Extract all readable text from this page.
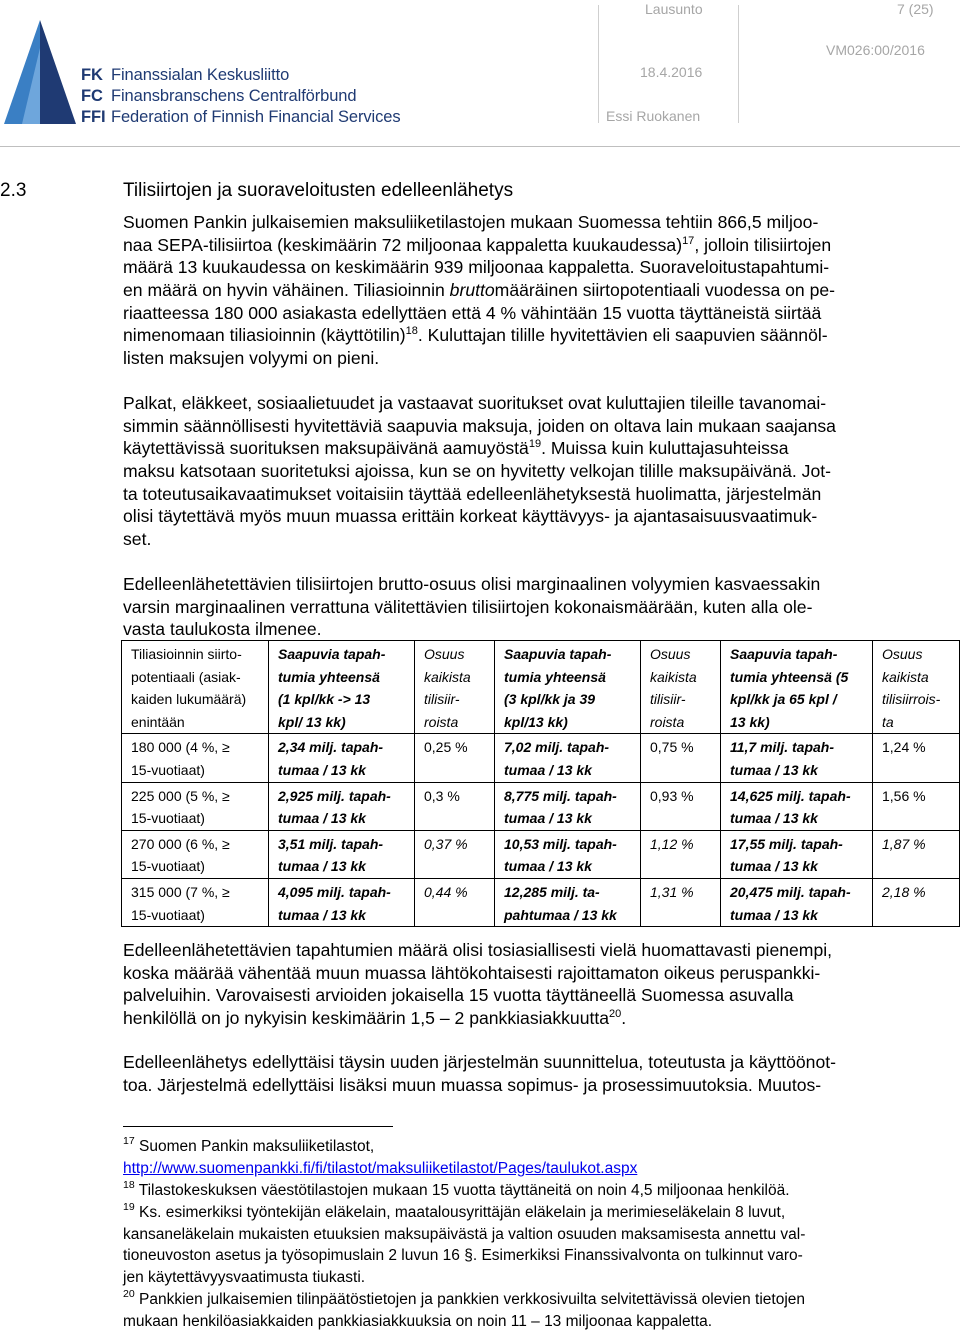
FK Finanssialan Keskusliitto
FC Finansbranschens Centralförbund
FFI Federation of Finnish Financial Services
Lausunto	7 (25)
18.4.2016
VM026:00/2016
Essi Ruokanen
2.3	Tilisiirtojen ja suoraveloitusten edelleenlähetys
Suomen Pankin julkaisemien maksuliiketilastojen mukaan Suomessa tehtiin 866,5 miljoo-
naa SEPA-tilisiirtoa (keskimäärin 72 miljoonaa kappaletta kuukaudessa)$^{17}$, jolloin tilisiirtojen
määrä 13 kuukaudessa on keskimäärin 939 miljoonaa kappaletta. Suoraveloitustapahtumi-
en määrä on hyvin vähäinen. Tiliasioinnin bruttomääräinen siirtopotentiaali vuodessa on pe-
riaatteessa 180 000 asiakasta edellyttäen että 4 % vähintään 15 vuotta täyttäneistä siirtää
nimenomaan tiliasioinnin (käyttötilin)$^{18}$. Kuluttajan tilille hyvitettävien eli saapuvien säännöl-
listen maksujen volyymi on pieni.
Palkat, eläkkeet, sosiaalietuudet ja vastaavat suoritukset ovat kuluttajien tileille tavanomai-
simmin säännöllisesti hyvitettäviä saapuvia maksuja, joiden on oltava lain mukaan saajansa
käytettävissä suorituksen maksupäivänä aamuyöstä$^{19}$. Muissa kuin kuluttajasuhteissa
maksu katsotaan suoritetuksi ajoissa, kun se on hyvitetty velkojan tilille maksupäivänä. Jot-
ta toteutusaikavaatimukset voitaisiin täyttää edelleenlähetyksestä huolimatta, järjestelmän
olisi täytettävä myös muun muassa erittäin korkeat käyttävyys- ja ajantasaisuusvaatimuk-
set.
Edelleenlähetettävien tilisiirtojen brutto-osuus olisi marginaalinen volyymien kasvaessakin
varsin marginaalinen verrattuna välitettävien tilisiirtojen kokonaismäärään, kuten alla ole-
vasta taulukosta ilmenee.
Tiliasioinnin siirto-
potentiaali (asiak-
kaiden lukumäärä)
enintään	Saapuvia tapah-
tumia yhteensä
(1 kpl/kk -> 13
kpl/ 13 kk)	Osuus
kaikista
tilisiir-
roista	Saapuvia tapah-
tumia yhteensä
(3 kpl/kk ja 39
kpl/13 kk)	Osuus
kaikista
tilisiir-
roista	Saapuvia tapah-
tumia yhteensä (5
kpl/kk ja 65 kpl /
13 kk)	Osuus
kaikista
tilisiirrois-
ta

180 000 (4 %, ≥
15-vuotiaat)	2,34 milj. tapah-
tumaa / 13 kk	0,25 %	7,02 milj. tapah-
tumaa / 13 kk	0,75 %	11,7 milj. tapah-
tumaa / 13 kk	1,24 %

225 000 (5 %, ≥
15-vuotiaat)	2,925 milj. tapah-
tumaa / 13 kk	0,3 %	8,775 milj. tapah-
tumaa / 13 kk	0,93 %	14,625 milj. tapah-
tumaa / 13 kk	1,56 %

270 000 (6 %, ≥
15-vuotiaat)	3,51 milj. tapah-
tumaa / 13 kk	0,37 %	10,53 milj. tapah-
tumaa / 13 kk	1,12 %	17,55 milj. tapah-
tumaa / 13 kk	1,87 %

315 000 (7 %, ≥
15-vuotiaat)	4,095 milj. tapah-
tumaa / 13 kk	0,44 %	12,285 milj. ta-
pahtumaa / 13 kk	1,31 %	20,475 milj. tapah-
tumaa / 13 kk	2,18 %
Edelleenlähetettävien tapahtumien määrä olisi tosiasiallisesti vielä huomattavasti pienempi,
koska määrää vähentää muun muassa lähtökohtaisesti rajoittamaton oikeus peruspankki-
palveluihin. Varovaisesti arvioiden jokaisella 15 vuotta täyttäneellä Suomessa asuvalla
henkilöllä on jo nykyisin keskimäärin 1,5 – 2 pankkiasiakkuutta$^{20}$.
Edelleenlähetys edellyttäisi täysin uuden järjestelmän suunnittelua, toteutusta ja käyttöönot-
toa. Järjestelmä edellyttäisi lisäksi muun muassa sopimus- ja prosessimuutoksia. Muutos-
$^{17}$ Suomen Pankin maksuliiketilastot,
http://www.suomenpankki.fi/fi/tilastot/maksuliiketilastot/Pages/taulukot.aspx
$^{18}$ Tilastokeskuksen väestötilastojen mukaan 15 vuotta täyttäneitä on noin 4,5 miljoonaa henkilöä.
$^{19}$ Ks. esimerkiksi työntekijän eläkelain, maatalousyrittäjän eläkelain ja merimieseläkelain 8 luvut,
kansaneläkelain mukaisten etuuksien maksupäivästä ja valtion osuuden maksamisesta annettu val-
tioneuvoston asetus ja työsopimuslain 2 luvun 16 §. Esimerkiksi Finanssivalvonta on tulkinnut varo-
jen käytettävyysvaatimusta tiukasti.
$^{20}$ Pankkien julkaisemien tilinpäätöstietojen ja pankkien verkkosivuilta selvitettävissä olevien tietojen
mukaan henkilöasiakkaiden pankkiasiakkuuksia on noin 11 – 13 miljoonaa kappaletta.
